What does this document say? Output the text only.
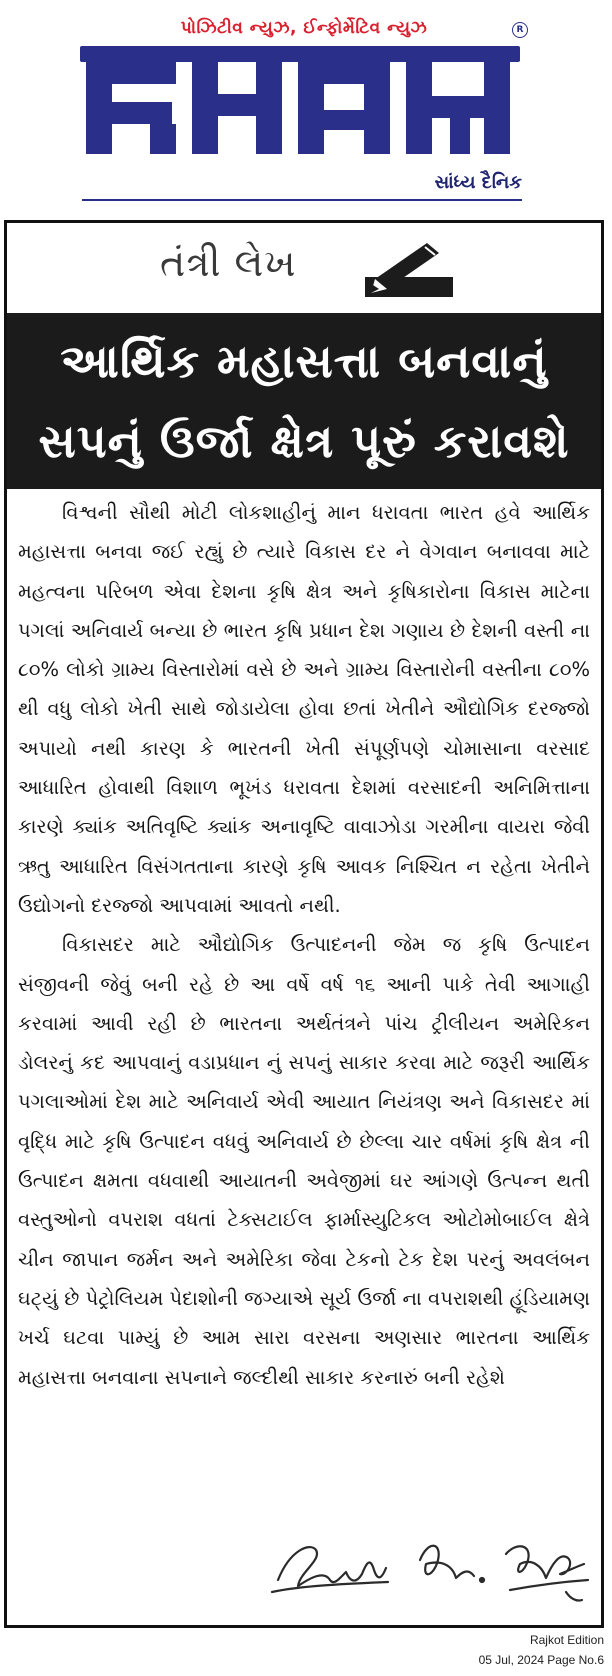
પોઝિટીવ ન્યુઝ, ઈન્ફોર્મેટિવ ન્યુઝ	R
સાંધ્ય દૈનિક
તંત્રી લેખ
આર્થિક મહાસત્તા બનવાનું
સપનું ઉર્જા ક્ષેત્ર પૂરું કરાવશે

વિશ્વની સૌથી મોટી લોકશાહીનું માન ધરાવતા ભારત હવે આર્થિક મહાસત્તા બનવા જઈ રહ્યું છે ત્યારે વિકાસ દર ને વેગવાન બનાવવા માટે મહત્વના પરિબળ એવા દેશના કૃષિ ક્ષેત્ર અને કૃષિકારોના વિકાસ માટેના પગલાં અનિવાર્ય બન્યા છે ભારત કૃષિ પ્રધાન દેશ ગણાય છે દેશની વસ્તી ના ૮૦% લોકો ગ્રામ્ય વિસ્તારોમાં વસે છે અને ગ્રામ્ય વિસ્તારોની વસ્તીના ૮૦% થી વધુ લોકો ખેતી સાથે જોડાયેલા હોવા છતાં ખેતીને ઔદ્યોગિક દરજ્જો અપાયો નથી કારણ કે ભારતની ખેતી સંપૂર્ણપણે ચોમાસાના વરસાદ આધારિત હોવાથી વિશાળ ભૂખંડ ધરાવતા દેશમાં વરસાદની અનિમિત્તાના કારણે ક્યાંક અતિવૃષ્ટિ ક્યાંક અનાવૃષ્ટિ વાવાઝોડા ગરમીના વાયરા જેવી ઋતુ આધારિત વિસંગતતાના કારણે કૃષિ આવક નિશ્ચિત ન રહેતા ખેતીને ઉદ્યોગનો દરજ્જો આપવામાં આવતો નથી.

વિકાસદર માટે ઔદ્યોગિક ઉત્પાદનની જેમ જ કૃષિ ઉત્પાદન સંજીવની જેવું બની રહે છે આ વર્ષે વર્ષ ૧૬ આની પાકે તેવી આગાહી કરવામાં આવી રહી છે ભારતના અર્થતંત્રને પાંચ ટ્રીલીયન અમેરિકન ડોલરનું કદ આપવાનું વડાપ્રધાન નું સપનું સાકાર કરવા માટે જરૂરી આર્થિક પગલાઓમાં દેશ માટે અનિવાર્ય એવી આયાત નિયંત્રણ અને વિકાસદર માં વૃદ્ધિ માટે કૃષિ ઉત્પાદન વધવું અનિવાર્ય છે છેલ્લા ચાર વર્ષમાં કૃષિ ક્ષેત્ર ની ઉત્પાદન ક્ષમતા વધવાથી આયાતની અવેજીમાં ઘર આંગણે ઉત્પન્ન થતી વસ્તુઓનો વપરાશ વધતાં ટેક્સટાઈલ ફાર્માસ્યુટિકલ ઓટોમોબાઈલ ક્ષેત્રે ચીન જાપાન જર્મન અને અમેરિકા જેવા ટેકનો ટેક દેશ પરનું અવલંબન ઘટ્યું છે પેટ્રોલિયમ પેદાશોની જગ્યાએ સૂર્ય ઉર્જા ના વપરાશથી હૂંડિયામણ ખર્ચ ઘટવા પામ્યું છે આમ સારા વરસના અણસાર ભારતના આર્થિક મહાસત્તા બનવાના સપનાને જલ્દીથી સાકાર કરનારું બની રહેશે

Rajkot Edition
05 Jul, 2024 Page No.6
